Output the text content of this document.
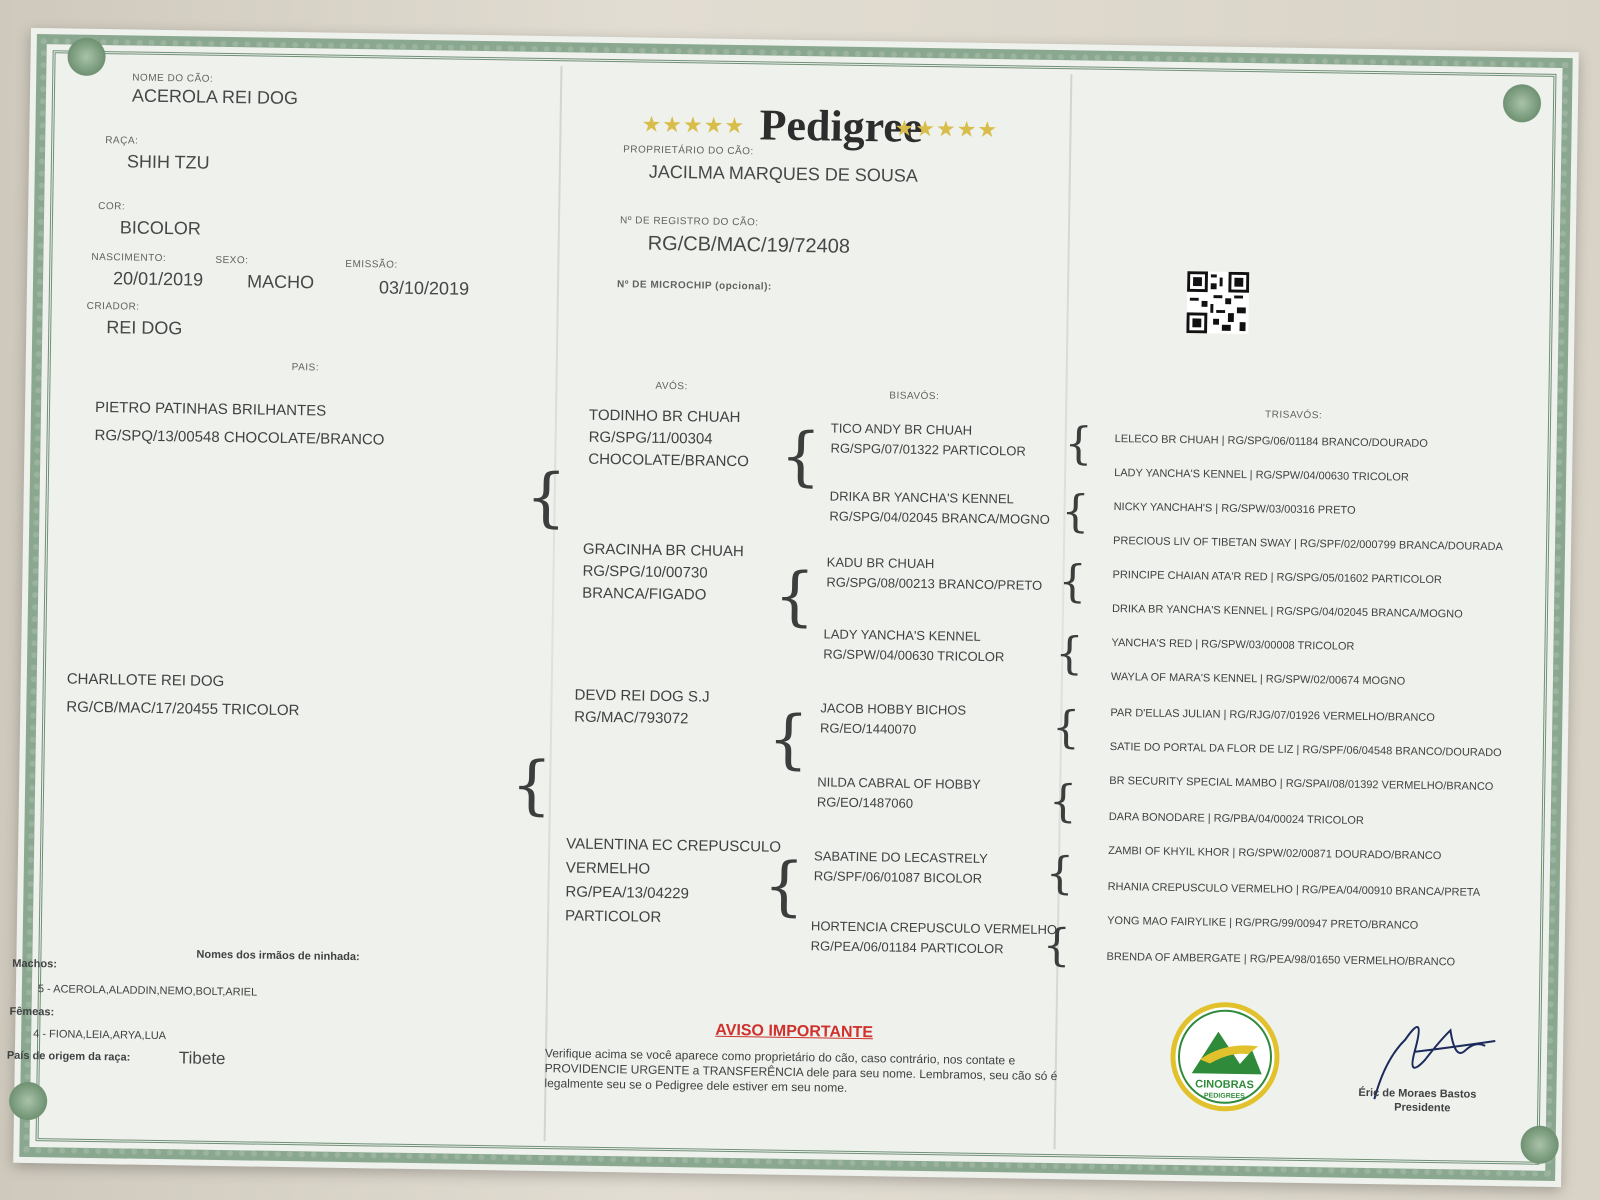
★★★★★ Pedigree
★★★★★
NOME DO CÃO:
ACEROLA REI DOG
RAÇA:
SHIH TZU
COR:
BICOLOR
NASCIMENTO:
20/01/2019
SEXO:
MACHO
EMISSÃO:
03/10/2019
CRIADOR:
REI DOG
PROPRIETÁRIO DO CÃO:
JACILMA MARQUES DE SOUSA
Nº DE REGISTRO DO CÃO:
RG/CB/MAC/19/72408
Nº DE MICROCHIP (opcional):
PAIS:
AVÓS:
BISAVÓS:
TRISAVÓS:
PIETRO PATINHAS BRILHANTES
RG/SPQ/13/00548 CHOCOLATE/BRANCO
CHARLLOTE REI DOG
RG/CB/MAC/17/20455 TRICOLOR
{
{
TODINHO BR CHUAH
RG/SPG/11/00304
CHOCOLATE/BRANCO
GRACINHA BR CHUAH
RG/SPG/10/00730
BRANCA/FIGADO
DEVD REI DOG S.J
RG/MAC/793072
VALENTINA EC CREPUSCULO
VERMELHO
RG/PEA/13/04229
PARTICOLOR
{
{
{
{
TICO ANDY BR CHUAH
RG/SPG/07/01322 PARTICOLOR
DRIKA BR YANCHA'S KENNEL
RG/SPG/04/02045 BRANCA/MOGNO
KADU BR CHUAH
RG/SPG/08/00213 BRANCO/PRETO
LADY YANCHA'S KENNEL
RG/SPW/04/00630 TRICOLOR
JACOB HOBBY BICHOS
RG/EO/1440070
NILDA CABRAL OF HOBBY
RG/EO/1487060
SABATINE DO LECASTRELY
RG/SPF/06/01087 BICOLOR
HORTENCIA CREPUSCULO VERMELHO
RG/PEA/06/01184 PARTICOLOR
{
{
{
{
{
{
{
{
LELECO BR CHUAH | RG/SPG/06/01184 BRANCO/DOURADO
LADY YANCHA'S KENNEL | RG/SPW/04/00630 TRICOLOR
NICKY YANCHAH'S | RG/SPW/03/00316 PRETO
PRECIOUS LIV OF TIBETAN SWAY | RG/SPF/02/000799 BRANCA/DOURADA
PRINCIPE CHAIAN ATA'R RED | RG/SPG/05/01602 PARTICOLOR
DRIKA BR YANCHA'S KENNEL | RG/SPG/04/02045 BRANCA/MOGNO
YANCHA'S RED | RG/SPW/03/00008 TRICOLOR
WAYLA OF MARA'S KENNEL | RG/SPW/02/00674 MOGNO
PAR D'ELLAS JULIAN | RG/RJG/07/01926 VERMELHO/BRANCO
SATIE DO PORTAL DA FLOR DE LIZ | RG/SPF/06/04548 BRANCO/DOURADO
BR SECURITY SPECIAL MAMBO | RG/SPAI/08/01392 VERMELHO/BRANCO
DARA BONODARE | RG/PBA/04/00024 TRICOLOR
ZAMBI OF KHYIL KHOR | RG/SPW/02/00871 DOURADO/BRANCO
RHANIA CREPUSCULO VERMELHO | RG/PEA/04/00910 BRANCA/PRETA
YONG MAO FAIRYLIKE | RG/PRG/99/00947 PRETO/BRANCO
BRENDA OF AMBERGATE | RG/PEA/98/01650 VERMELHO/BRANCO
Nomes dos irmãos de ninhada:
Machos:
5 - ACEROLA,ALADDIN,NEMO,BOLT,ARIEL
Fêmeas:
4 - FIONA,LEIA,ARYA,LUA
País de origem da raça:	Tibete
AVISO IMPORTANTE
Verifique acima se você aparece como proprietário do cão, caso contrário, nos contate e PROVIDENCIE URGENTE a TRANSFERÊNCIA dele para seu nome. Lembramos, seu cão só é legalmente seu se o Pedigree dele estiver em seu nome.	CINOBRAS
PEDIGREES	Éric de Moraes Bastos
Presidente
